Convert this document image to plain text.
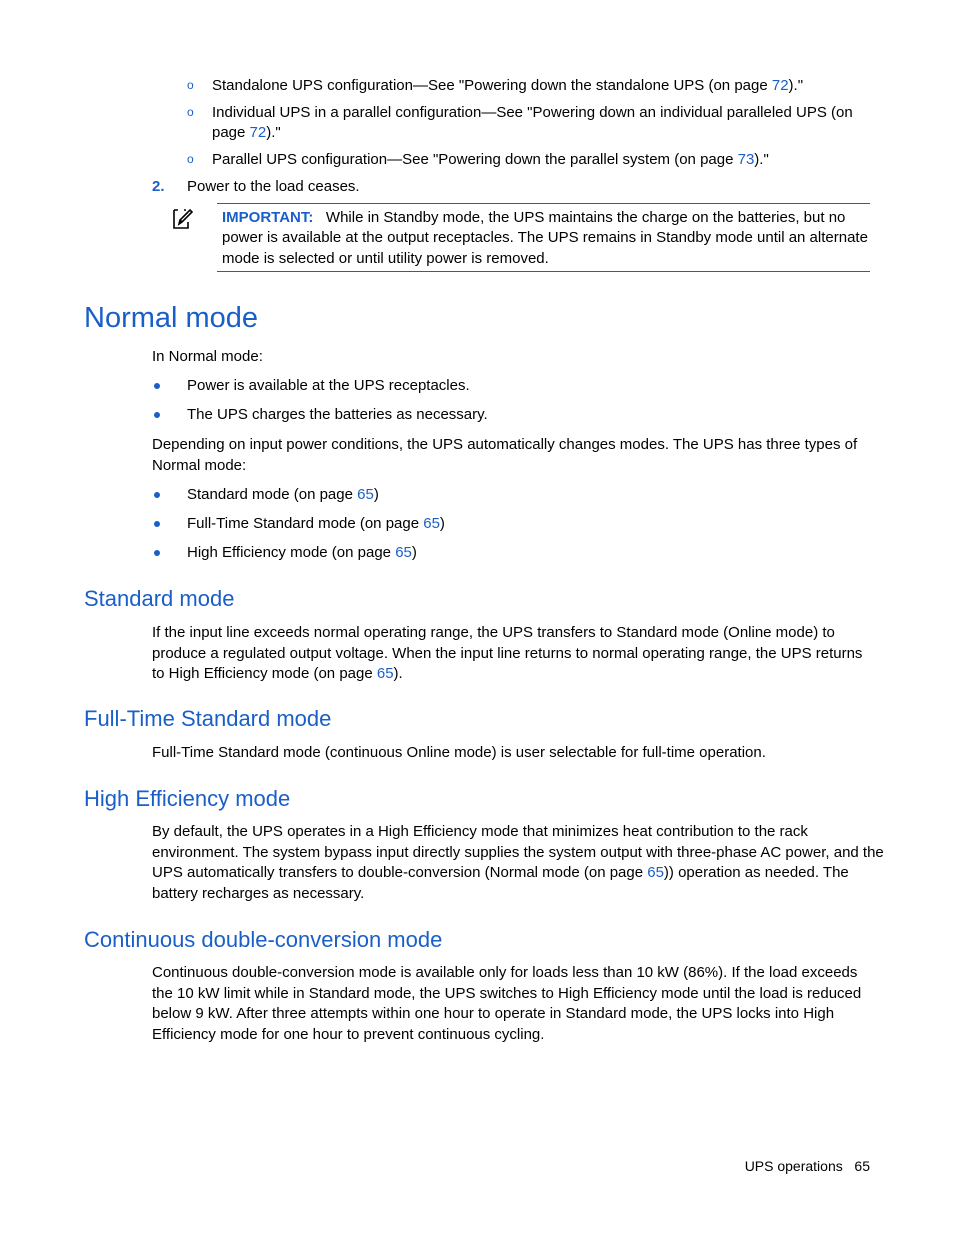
o Standalone UPS configuration—See "Powering down the standalone UPS (on page 72)."
o Individual UPS in a parallel configuration—See "Powering down an individual paralleled UPS (on
page 72)."
o Parallel UPS configuration—See "Powering down the parallel system (on page 73)."
2. Power to the load ceases.
IMPORTANT: While in Standby mode, the UPS maintains the charge on the batteries, but no
power is available at the output receptacles. The UPS remains in Standby mode until an alternate
mode is selected or until utility power is removed.
Normal mode
In Normal mode:
Power is available at the UPS receptacles.
The UPS charges the batteries as necessary.
Depending on input power conditions, the UPS automatically changes modes. The UPS has three types of
Normal mode:
Standard mode (on page 65)
Full-Time Standard mode (on page 65)
High Efficiency mode (on page 65)
Standard mode
If the input line exceeds normal operating range, the UPS transfers to Standard mode (Online mode) to
produce a regulated output voltage. When the input line returns to normal operating range, the UPS returns
to High Efficiency mode (on page 65).
Full-Time Standard mode
Full-Time Standard mode (continuous Online mode) is user selectable for full-time operation.
High Efficiency mode
By default, the UPS operates in a High Efficiency mode that minimizes heat contribution to the rack
environment. The system bypass input directly supplies the system output with three-phase AC power, and the
UPS automatically transfers to double-conversion (Normal mode (on page 65)) operation as needed. The
battery recharges as necessary.
Continuous double-conversion mode
Continuous double-conversion mode is available only for loads less than 10 kW (86%). If the load exceeds
the 10 kW limit while in Standard mode, the UPS switches to High Efficiency mode until the load is reduced
below 9 kW. After three attempts within one hour to operate in Standard mode, the UPS locks into High
Efficiency mode for one hour to prevent continuous cycling.
UPS operations 65
